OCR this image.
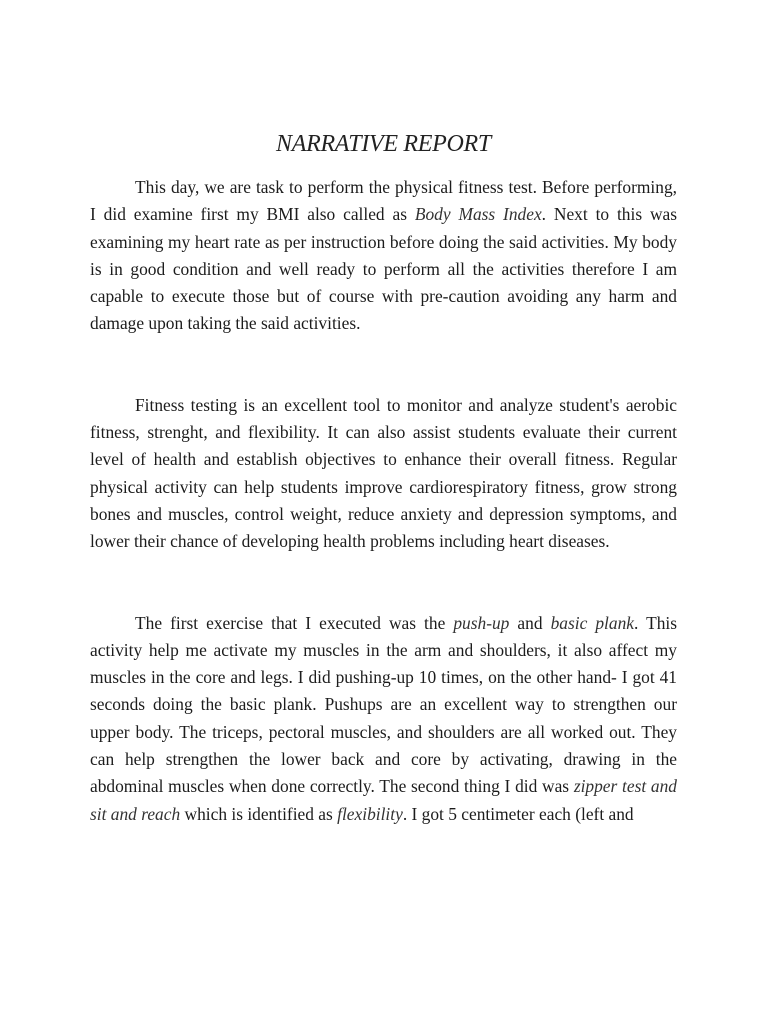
NARRATIVE REPORT

This day, we are task to perform the physical fitness test. Before performing, I did examine first my BMI also called as Body Mass Index. Next to this was examining my heart rate as per instruction before doing the said activities. My body is in good condition and well ready to perform all the activities therefore I am capable to execute those but of course with pre-caution avoiding any harm and damage upon taking the said activities.

Fitness testing is an excellent tool to monitor and analyze student's aerobic fitness, strenght, and flexibility. It can also assist students evaluate their current level of health and establish objectives to enhance their overall fitness. Regular physical activity can help students improve cardiorespiratory fitness, grow strong bones and muscles, control weight, reduce anxiety and depression symptoms, and lower their chance of developing health problems including heart diseases.

The first exercise that I executed was the push-up and basic plank. This activity help me activate my muscles in the arm and shoulders, it also affect my muscles in the core and legs. I did pushing-up 10 times, on the other hand- I got 41 seconds doing the basic plank. Pushups are an excellent way to strengthen our upper body. The triceps, pectoral muscles, and shoulders are all worked out. They can help strengthen the lower back and core by activating, drawing in the abdominal muscles when done correctly. The second thing I did was zipper test and sit and reach which is identified as flexibility. I got 5 centimeter each (left and
